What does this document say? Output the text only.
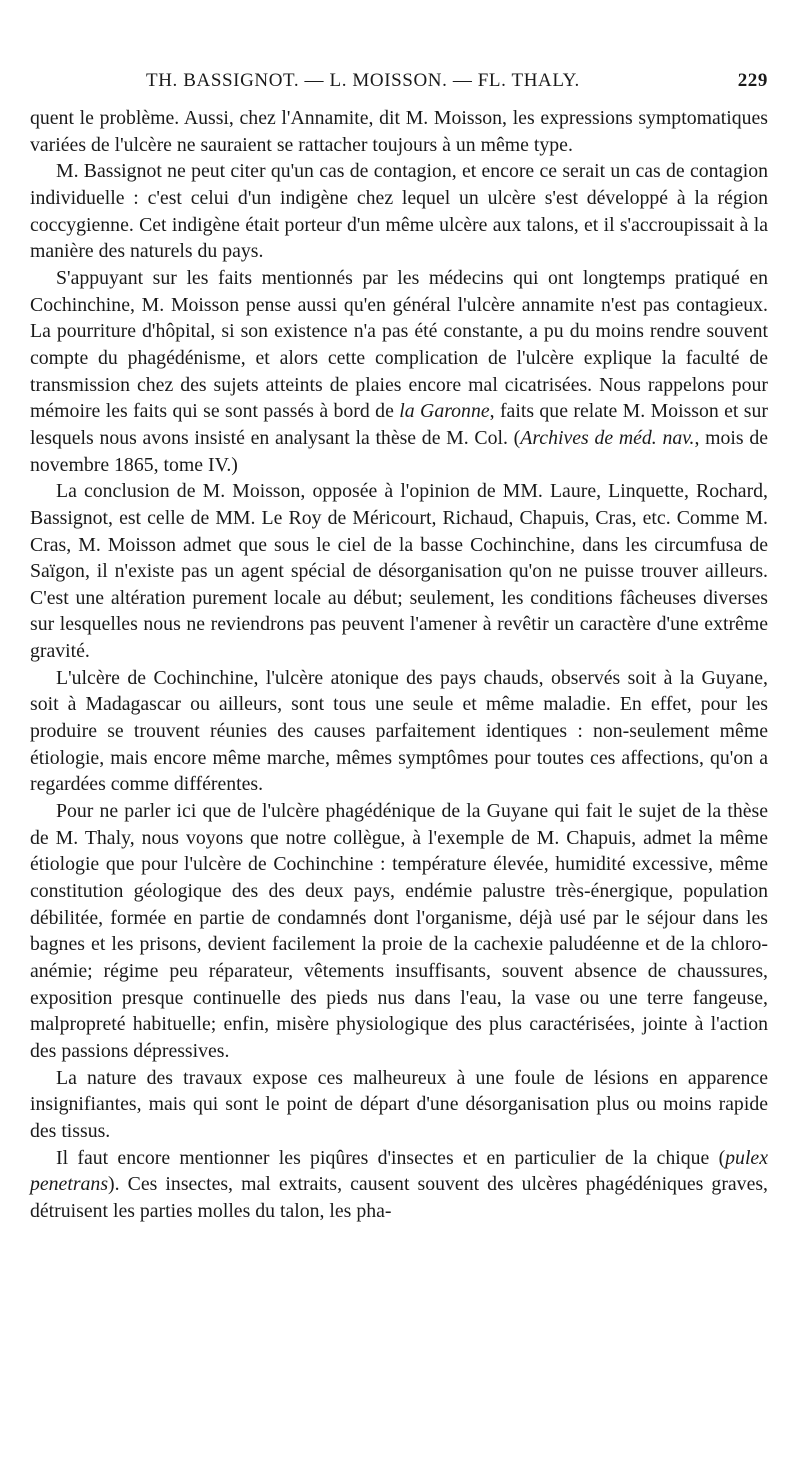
TH. BASSIGNOT. — L. MOISSON. — FL. THALY.	229

quent le problème. Aussi, chez l'Annamite, dit M. Moisson, les expressions symptomatiques variées de l'ulcère ne sauraient se rattacher toujours à un même type.

M. Bassignot ne peut citer qu'un cas de contagion, et encore ce serait un cas de contagion individuelle : c'est celui d'un indigène chez lequel un ulcère s'est développé à la région coccygienne. Cet indigène était porteur d'un même ulcère aux talons, et il s'accroupissait à la manière des naturels du pays.

S'appuyant sur les faits mentionnés par les médecins qui ont longtemps pratiqué en Cochinchine, M. Moisson pense aussi qu'en général l'ulcère annamite n'est pas contagieux. La pourriture d'hôpital, si son existence n'a pas été constante, a pu du moins rendre souvent compte du phagédénisme, et alors cette complication de l'ulcère explique la faculté de transmission chez des sujets atteints de plaies encore mal cicatrisées. Nous rappelons pour mémoire les faits qui se sont passés à bord de la Garonne, faits que relate M. Moisson et sur lesquels nous avons insisté en analysant la thèse de M. Col. (Archives de méd. nav., mois de novembre 1865, tome IV.)

La conclusion de M. Moisson, opposée à l'opinion de MM. Laure, Linquette, Rochard, Bassignot, est celle de MM. Le Roy de Méricourt, Richaud, Chapuis, Cras, etc. Comme M. Cras, M. Moisson admet que sous le ciel de la basse Cochinchine, dans les circumfusa de Saïgon, il n'existe pas un agent spécial de désorganisation qu'on ne puisse trouver ailleurs. C'est une altération purement locale au début; seulement, les conditions fâcheuses diverses sur lesquelles nous ne reviendrons pas peuvent l'amener à revêtir un caractère d'une extrême gravité.

L'ulcère de Cochinchine, l'ulcère atonique des pays chauds, observés soit à la Guyane, soit à Madagascar ou ailleurs, sont tous une seule et même maladie. En effet, pour les produire se trouvent réunies des causes parfaitement identiques : non-seulement même étiologie, mais encore même marche, mêmes symptômes pour toutes ces affections, qu'on a regardées comme différentes.

Pour ne parler ici que de l'ulcère phagédénique de la Guyane qui fait le sujet de la thèse de M. Thaly, nous voyons que notre collègue, à l'exemple de M. Chapuis, admet la même étiologie que pour l'ulcère de Cochinchine : température élevée, humidité excessive, même constitution géologique des des deux pays, endémie palustre très-énergique, population débilitée, formée en partie de condamnés dont l'organisme, déjà usé par le séjour dans les bagnes et les prisons, devient facilement la proie de la cachexie paludéenne et de la chloro-anémie; régime peu réparateur, vêtements insuffisants, souvent absence de chaussures, exposition presque continuelle des pieds nus dans l'eau, la vase ou une terre fangeuse, malpropreté habituelle; enfin, misère physiologique des plus caractérisées, jointe à l'action des passions dépressives.

La nature des travaux expose ces malheureux à une foule de lésions en apparence insignifiantes, mais qui sont le point de départ d'une désorganisation plus ou moins rapide des tissus.

Il faut encore mentionner les piqûres d'insectes et en particulier de la chique (pulex penetrans). Ces insectes, mal extraits, causent souvent des ulcères phagédéniques graves, détruisent les parties molles du talon, les pha-
